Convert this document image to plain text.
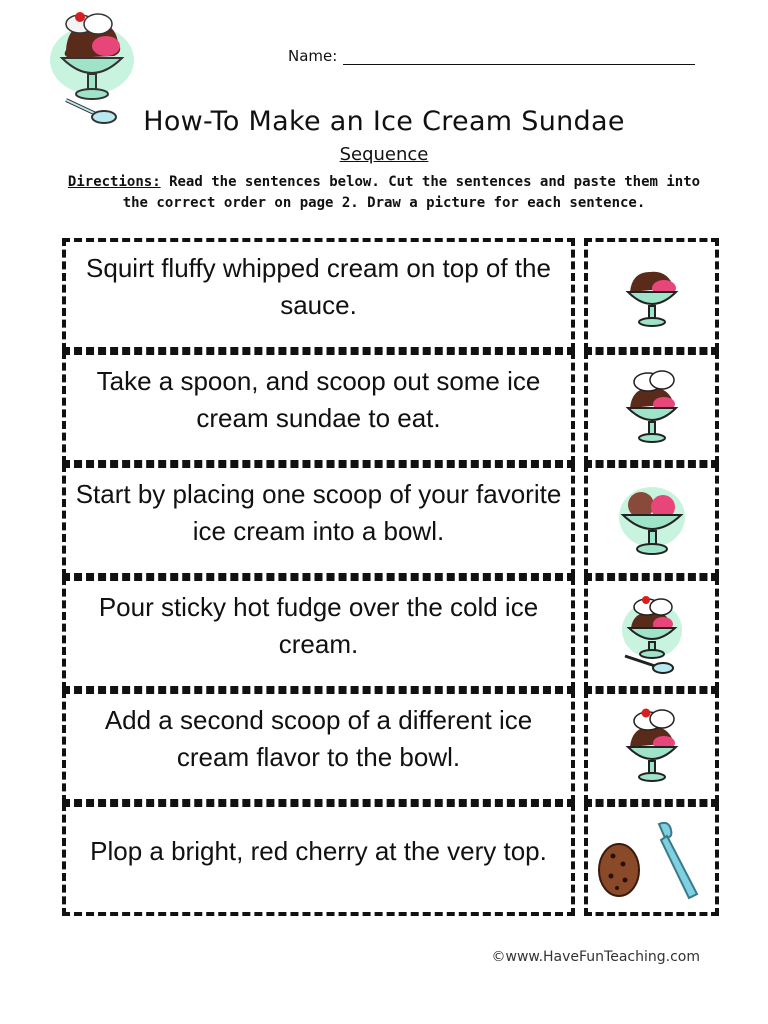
Name:
How-To Make an Ice Cream Sundae
Sequence
Directions: Read the sentences below. Cut the sentences and paste them into the correct order on page 2. Draw a picture for each sentence.
Squirt fluffy whipped cream on top of the sauce.
Take a spoon, and scoop out some ice cream sundae to eat.
Start by placing one scoop of your favorite ice cream into a bowl.
Pour sticky hot fudge over the cold ice cream.
Add a second scoop of a different ice cream flavor to the bowl.
Plop a bright, red cherry at the very top.
©www.HaveFunTeaching.com
